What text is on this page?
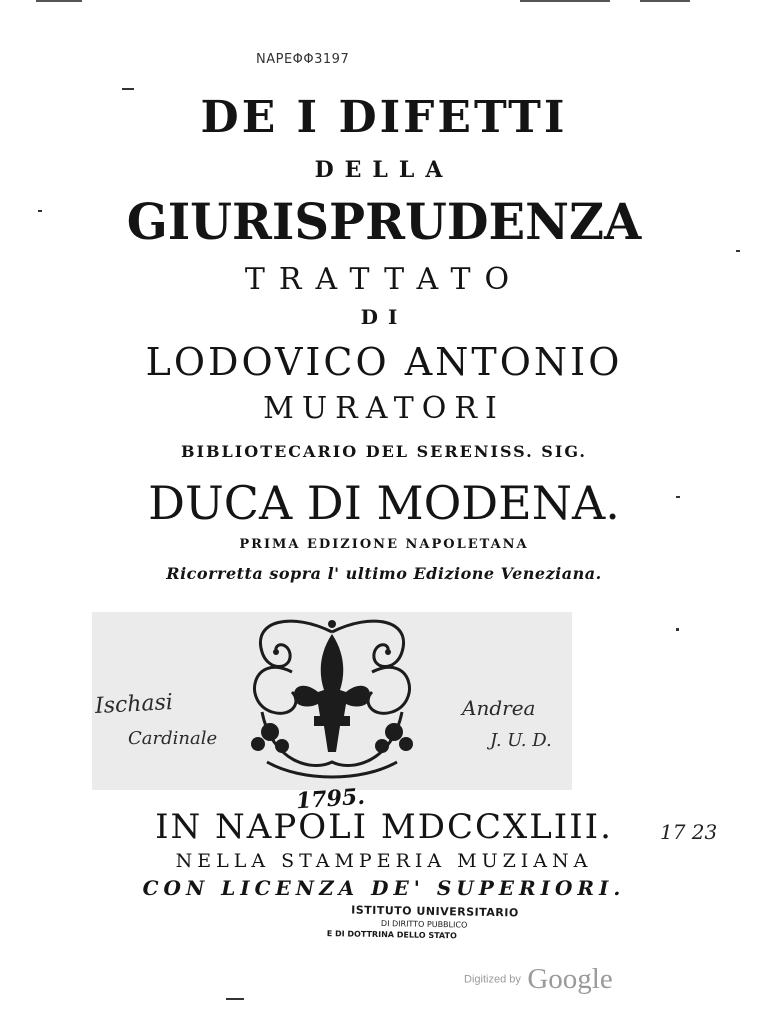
NAPEΦΦ3197
DE I DIFETTI
DELLA
GIURISPRUDENZA
TRATTATO
DI
LODOVICO ANTONIO
MURATORI
BIBLIOTECARIO DEL SERENISS. SIG.
DUCA DI MODENA.
PRIMA EDIZIONE NAPOLETANA
Ricorretta sopra l' ultimo Edizione Veneziana.
Ischasi
Cardinale
Andrea
J. U. D.
1795.
17 23
IN NAPOLI MDCCXLIII.
NELLA STAMPERIA MUZIANA
CON LICENZA DE' SUPERIORI.
ISTITUTO UNIVERSITARIO
DI DIRITTO PUBBLICO
E DI DOTTRINA DELLO STATO
Digitized by Google
